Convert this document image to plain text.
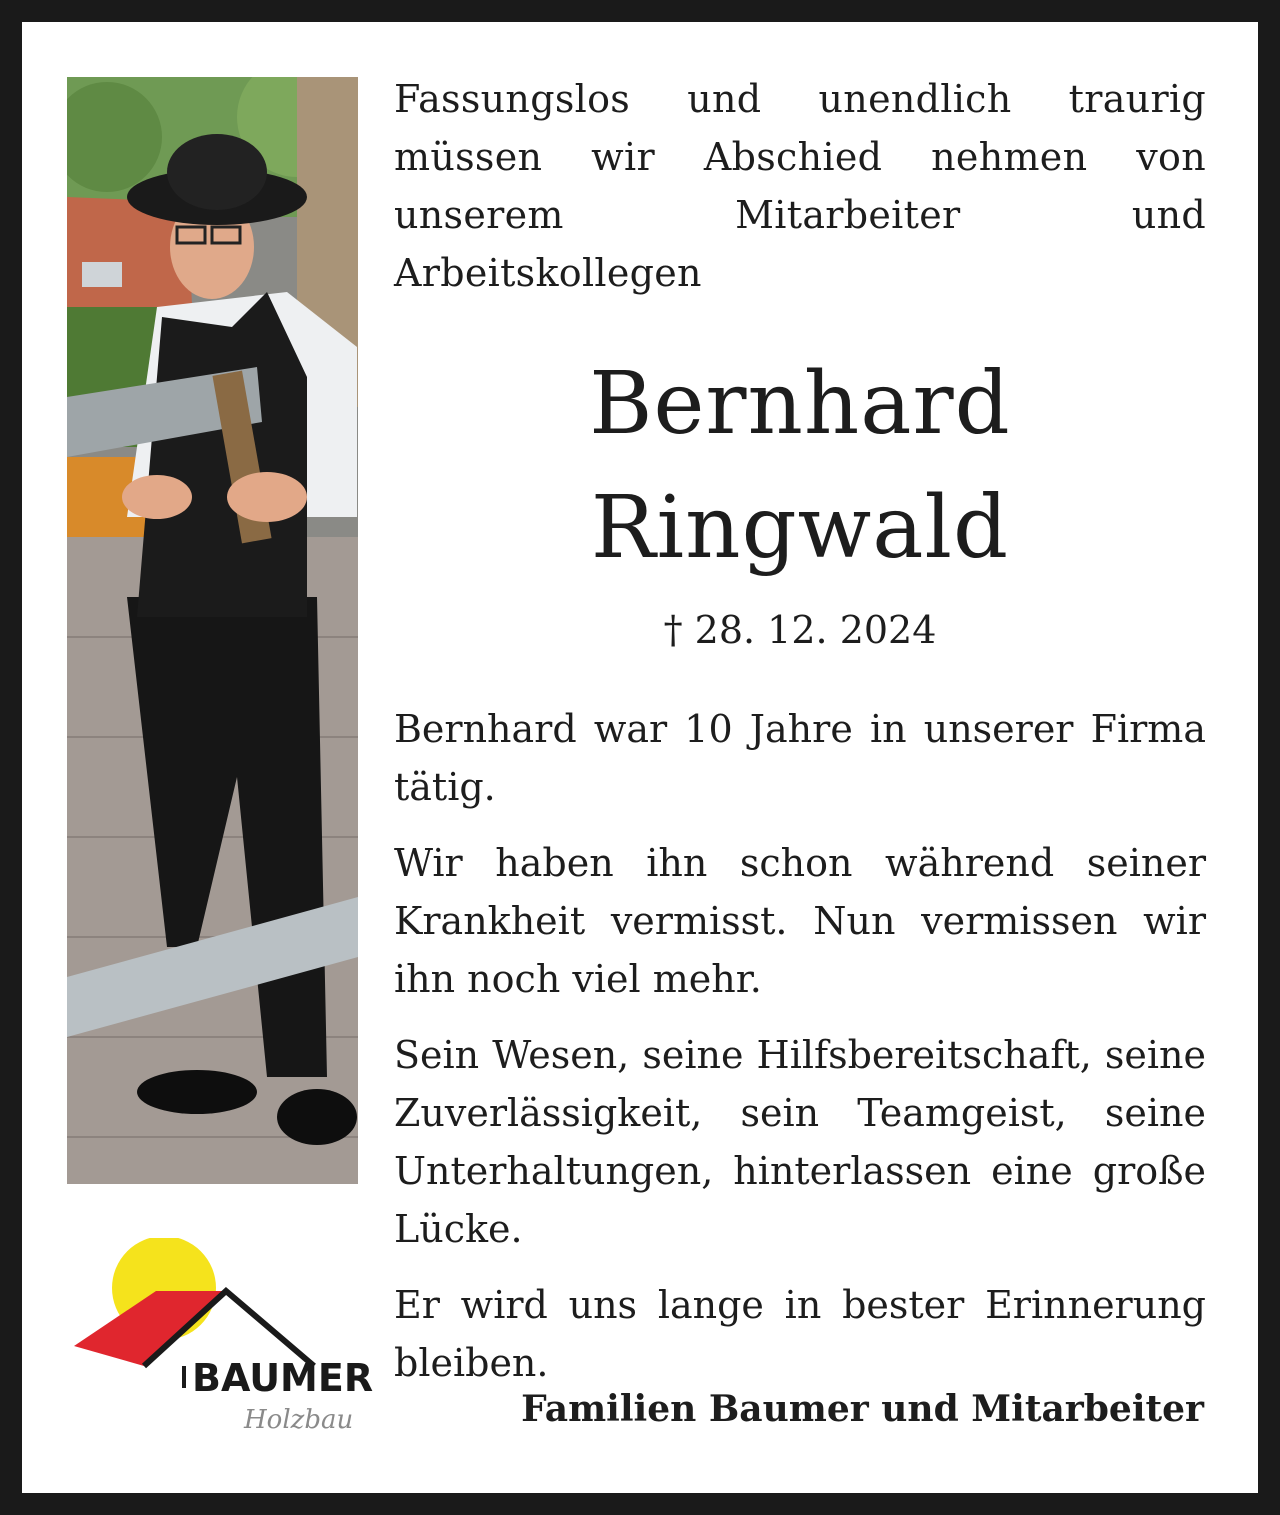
BAUMER
Holzbau
Fassungslos und unendlich traurig
müssen wir Abschied nehmen von
unserem Mitarbeiter und Arbeitskollegen
Bernhard
Ringwald
† 28. 12. 2024
Bernhard war 10 Jahre in unserer Firma tätig.
Wir haben ihn schon während seiner Krankheit vermisst. Nun vermissen wir ihn noch viel mehr.
Sein Wesen, seine Hilfsbereitschaft, seine Zuverlässigkeit, sein Teamgeist, seine Unterhaltungen, hinterlassen eine große Lücke.
Er wird uns lange in bester Erinnerung bleiben.
Familien Baumer und Mitarbeiter
